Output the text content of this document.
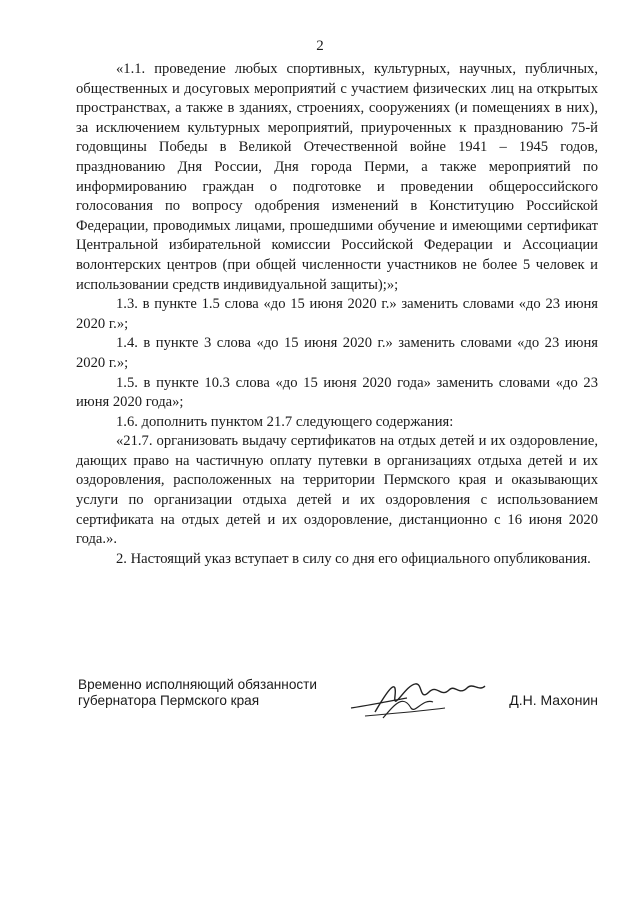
2

«1.1. проведение любых спортивных, культурных, научных, публичных, общественных и досуговых мероприятий с участием физических лиц на открытых пространствах, а также в зданиях, строениях, сооружениях (и помещениях в них), за исключением культурных мероприятий, приуроченных к празднованию 75-й годовщины Победы в Великой Отечественной войне 1941 – 1945 годов, празднованию Дня России, Дня города Перми, а также мероприятий по информированию граждан о подготовке и проведении общероссийского голосования по вопросу одобрения изменений в Конституцию Российской Федерации, проводимых лицами, прошедшими обучение и имеющими сертификат Центральной избирательной комиссии Российской Федерации и Ассоциации волонтерских центров (при общей численности участников не более 5 человек и использовании средств индивидуальной защиты);»;

1.3. в пункте 1.5 слова «до 15 июня 2020 г.» заменить словами «до 23 июня 2020 г.»;

1.4. в пункте 3 слова «до 15 июня 2020 г.» заменить словами «до 23 июня 2020 г.»;

1.5. в пункте 10.3 слова «до 15 июня 2020 года» заменить словами «до 23 июня 2020 года»;

1.6. дополнить пунктом 21.7 следующего содержания:

«21.7. организовать выдачу сертификатов на отдых детей и их оздоровление, дающих право на частичную оплату путевки в организациях отдыха детей и их оздоровления, расположенных на территории Пермского края и оказывающих услуги по организации отдыха детей и их оздоровления с использованием сертификата на отдых детей и их оздоровление, дистанционно с 16 июня 2020 года.».

2. Настоящий указ вступает в силу со дня его официального опубликования.

Временно исполняющий обязанности
губернатора Пермского края	Д.Н. Махонин
